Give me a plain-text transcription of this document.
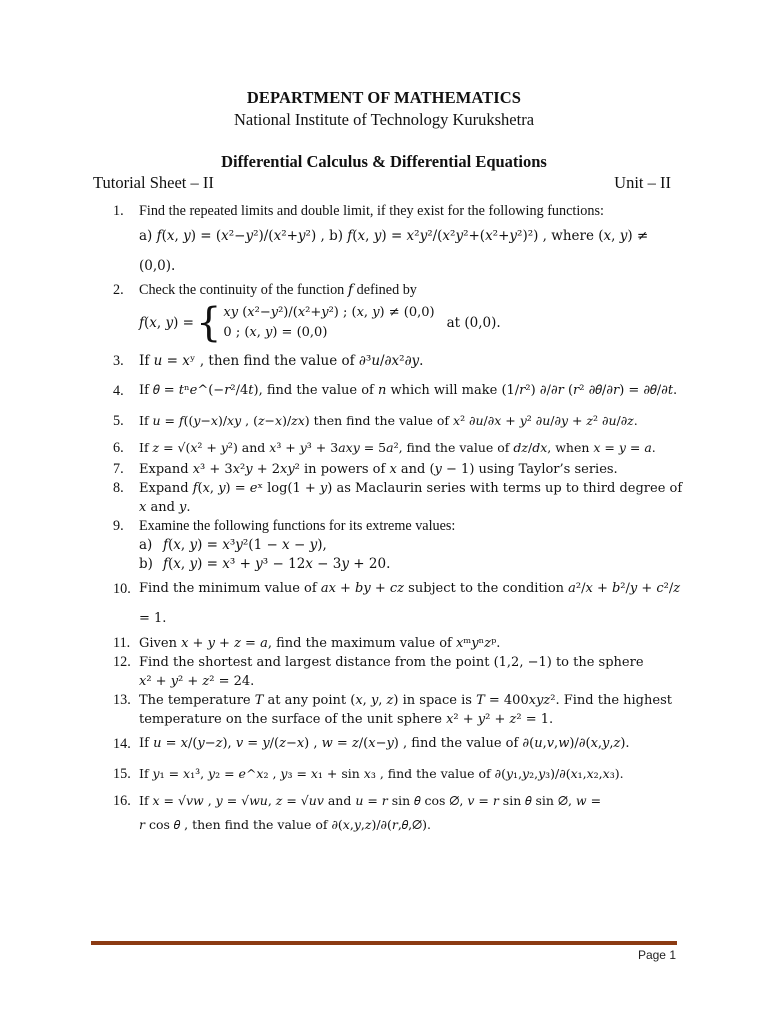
DEPARTMENT OF MATHEMATICS
National Institute of Technology Kurukshetra
Differential Calculus & Differential Equations
Tutorial Sheet – II	Unit – II
1.	Find the repeated limits and double limit, if they exist for the following functions:
a) 𝑓(𝑥, 𝑦) = (𝑥²−𝑦²)/(𝑥²+𝑦²) , b) 𝑓(𝑥, 𝑦) = 𝑥²𝑦²/(𝑥²𝑦²+(𝑥²+𝑦²)²) , where (𝑥, 𝑦) ≠ (0,0).
2.	Check the continuity of the function 𝑓 defined by
𝑓(𝑥, 𝑦) = { 𝑥𝑦 (𝑥²−𝑦²)/(𝑥²+𝑦²) ; (𝑥, 𝑦) ≠ (0,0)
0 ; (𝑥, 𝑦) = (0,0)
at (0,0).
3.	If 𝑢 = 𝑥ʸ , then find the value of ∂³𝑢/∂𝑥²∂𝑦.
4.	If 𝜃 = 𝑡ⁿ𝑒^(−𝑟²/4𝑡), find the value of 𝑛 which will make (1/𝑟²) ∂/∂𝑟 (𝑟² ∂𝜃/∂𝑟) = ∂𝜃/∂𝑡.
5.	If 𝑢 = 𝑓((𝑦−𝑥)/𝑥𝑦 , (𝑧−𝑥)/𝑧𝑥) then find the value of 𝑥² ∂𝑢/∂𝑥 + 𝑦² ∂𝑢/∂𝑦 + 𝑧² ∂𝑢/∂𝑧.
6.	If 𝑧 = √(𝑥² + 𝑦²) and 𝑥³ + 𝑦³ + 3𝑎𝑥𝑦 = 5𝑎², find the value of 𝑑𝑧/𝑑𝑥, when 𝑥 = 𝑦 = 𝑎.
7.	Expand 𝑥³ + 3𝑥²𝑦 + 2𝑥𝑦² in powers of 𝑥 and (𝑦 − 1) using Taylor’s series.
8.	Expand 𝑓(𝑥, 𝑦) = 𝑒ˣ log(1 + 𝑦) as Maclaurin series with terms up to third degree of
𝑥 and 𝑦.
9.	Examine the following functions for its extreme values:
a) 𝑓(𝑥, 𝑦) = 𝑥³𝑦²(1 − 𝑥 − 𝑦),
b) 𝑓(𝑥, 𝑦) = 𝑥³ + 𝑦³ − 12𝑥 − 3𝑦 + 20.
10. Find the minimum value of 𝑎𝑥 + 𝑏𝑦 + 𝑐𝑧 subject to the condition 𝑎²/𝑥 + 𝑏²/𝑦 + 𝑐²/𝑧 = 1.
11. Given 𝑥 + 𝑦 + 𝑧 = 𝑎, find the maximum value of 𝑥ᵐ𝑦ⁿ𝑧ᵖ.
12. Find the shortest and largest distance from the point (1,2, −1) to the sphere
𝑥² + 𝑦² + 𝑧² = 24.
13. The temperature 𝑇 at any point (𝑥, 𝑦, 𝑧) in space is 𝑇 = 400𝑥𝑦𝑧². Find the highest
temperature on the surface of the unit sphere 𝑥² + 𝑦² + 𝑧² = 1.
14. If 𝑢 = 𝑥/(𝑦−𝑧), 𝑣 = 𝑦/(𝑧−𝑥) , 𝑤 = 𝑧/(𝑥−𝑦) , find the value of ∂(𝑢,𝑣,𝑤)/∂(𝑥,𝑦,𝑧).
15. If 𝑦₁ = 𝑥₁³, 𝑦₂ = 𝑒^𝑥₂ , 𝑦₃ = 𝑥₁ + sin 𝑥₃ , find the value of ∂(𝑦₁,𝑦₂,𝑦₃)/∂(𝑥₁,𝑥₂,𝑥₃).
16. If 𝑥 = √𝑣𝑤 , 𝑦 = √𝑤𝑢, 𝑧 = √𝑢𝑣 and 𝑢 = 𝑟 sin 𝜃 cos ∅, 𝑣 = 𝑟 sin 𝜃 sin ∅, 𝑤 =
𝑟 cos 𝜃 , then find the value of ∂(𝑥,𝑦,𝑧)/∂(𝑟,𝜃,∅).
Page 1
